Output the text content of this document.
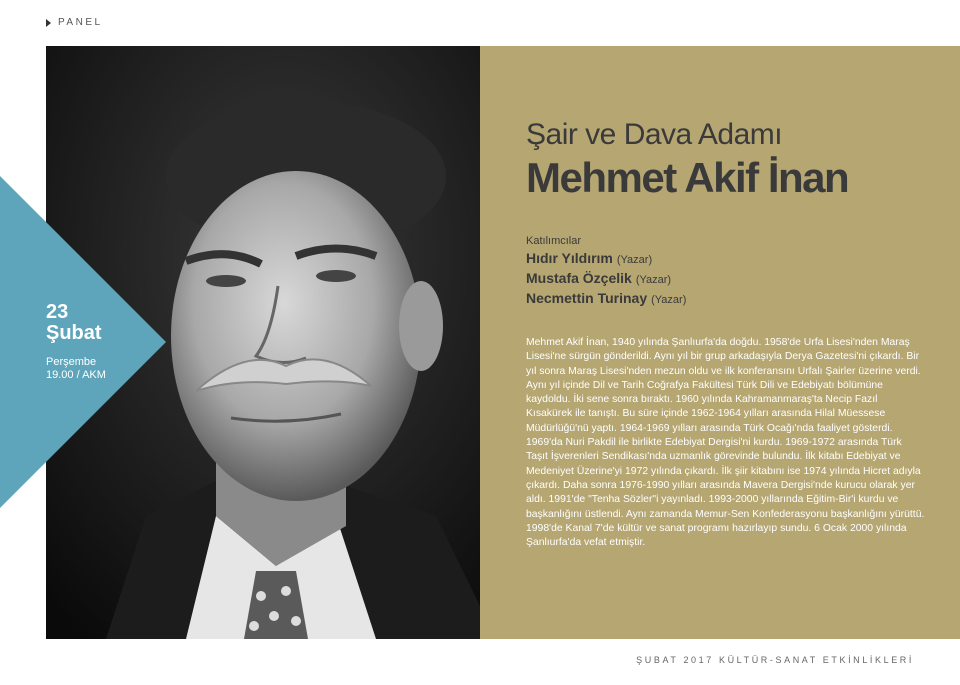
PANEL
Şair ve Dava Adamı
Mehmet Akif İnan
Katılımcılar
Hıdır Yıldırım (Yazar)
Mustafa Özçelik (Yazar)
Necmettin Turinay (Yazar)

Mehmet Akif İnan, 1940 yılında Şanlıurfa'da doğdu. 1958'de Urfa Lisesi'nden Maraş Lisesi'ne sürgün gönderildi. Aynı yıl bir grup arkadaşıyla Derya Gazetesi'ni çıkardı. Bir yıl sonra Maraş Lisesi'nden mezun oldu ve ilk konferansını Urfalı Şairler üzerine verdi. Aynı yıl içinde Dil ve Tarih Coğrafya Fakültesi Türk Dili ve Edebiyatı bölümüne kaydoldu. İki sene sonra bıraktı. 1960 yılında Kahramanmaraş'ta Necip Fazıl Kısakürek ile tanıştı. Bu süre içinde 1962-1964 yılları arasında Hilal Müessese Müdürlüğü'nü yaptı. 1964-1969 yılları arasında Türk Ocağı'nda faaliyet gösterdi. 1969'da Nuri Pakdil ile birlikte Edebiyat Dergisi'ni kurdu. 1969-1972 arasında Türk Taşıt İşverenleri Sendikası'nda uzmanlık görevinde bulundu. İlk kitabı Edebiyat ve Medeniyet Üzerine'yi 1972 yılında çıkardı. İlk şiir kitabını ise 1974 yılında Hicret adıyla çıkardı. Daha sonra 1976-1990 yılları arasında Mavera Dergisi'nde kurucu olarak yer aldı. 1991'de "Tenha Sözler"i yayınladı. 1993-2000 yıllarında Eğitim-Bir'i kurdu ve başkanlığını üstlendi. Aynı zamanda Memur-Sen Konfederasyonu başkanlığını yürüttü. 1998'de Kanal 7'de kültür ve sanat programı hazırlayıp sundu. 6 Ocak 2000 yılında Şanlıurfa'da vefat etmiştir.

23
Şubat
Perşembe
19.00 / AKM
ŞUBAT 2017 KÜLTÜR-SANAT ETKİNLİKLERİ
